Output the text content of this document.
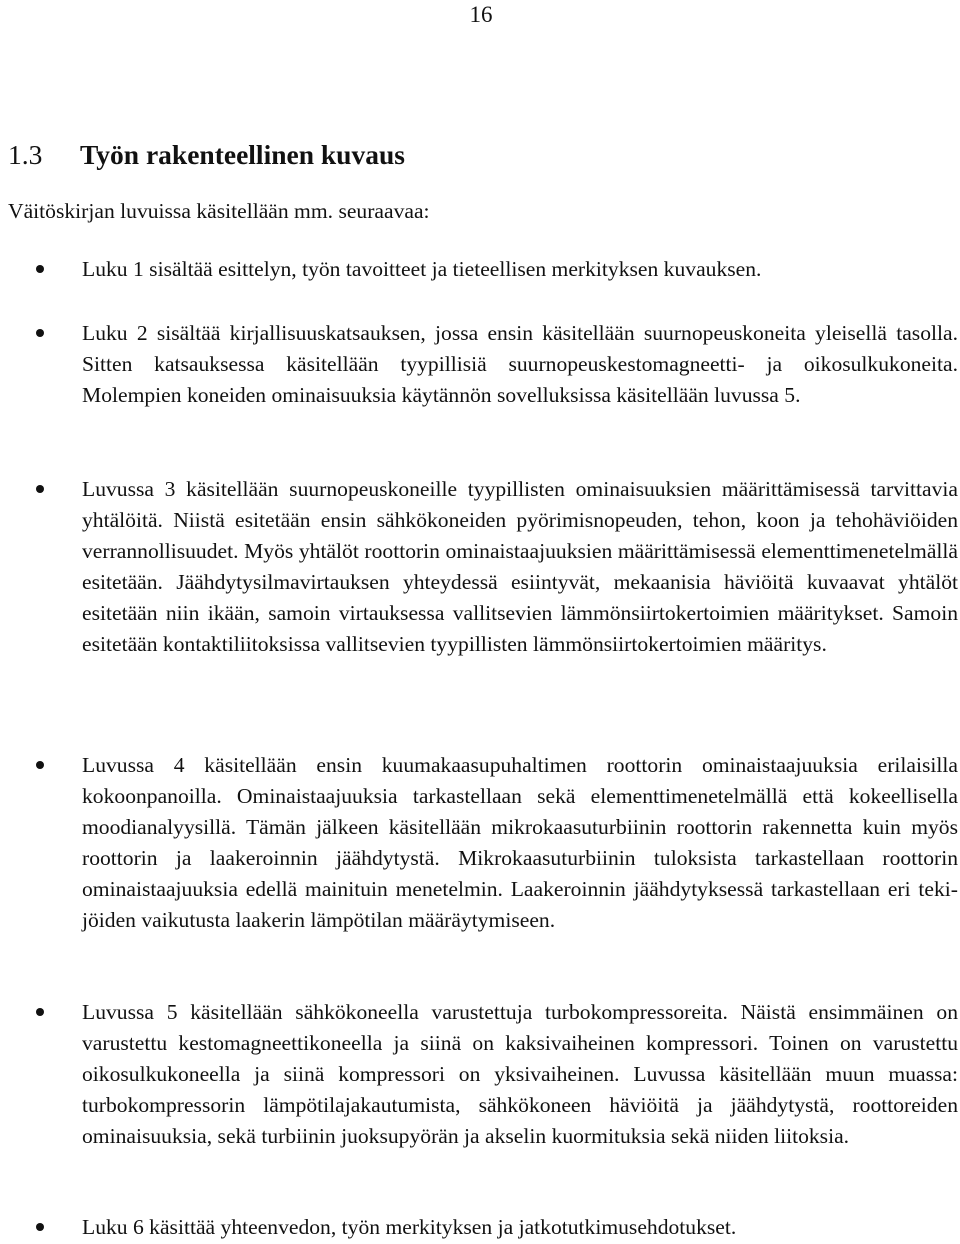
16
1.3 Työn rakenteellinen kuvaus
Väitöskirjan luvuissa käsitellään mm. seuraavaa:
Luku 1 sisältää esittelyn, työn tavoitteet ja tieteellisen merkityksen kuvauksen.
Luku 2 sisältää kirjallisuuskatsauksen, jossa ensin käsitellään suurnopeuskoneita yleisellä tasolla. Sitten katsauksessa käsitellään tyypillisiä suurnopeuskestomagneetti- ja oikosulkukoneita. Molempien koneiden ominaisuuksia käytännön sovelluksissa käsitellään luvussa 5.
Luvussa 3 käsitellään suurnopeuskoneille tyypillisten ominaisuuksien määrittämisessä tarvittavia yhtälöitä. Niistä esitetään ensin sähkökoneiden pyörimisnopeuden, tehon, koon ja tehohäviöiden verrannollisuudet. Myös yhtälöt roottorin ominaistaajuuksien määrittämisessä elementtimenetelmällä esitetään. Jäähdytysilmavirtauksen yhteydessä esiintyvät, mekaanisia häviöitä kuvaavat yhtälöt esitetään niin ikään, samoin virtauksessa vallitsevien lämmönsiirtokertoimien määritykset. Samoin esitetään kontaktiliitoksissa vallitsevien tyypillisten lämmönsiirtokertoimien määritys.
Luvussa 4 käsitellään ensin kuumakaasupuhaltimen roottorin ominaistaajuuksia erilaisilla kokoonpanoilla. Ominaistaajuuksia tarkastellaan sekä elementtimenetelmällä että kokeellisella moodianalyysillä. Tämän jälkeen käsitellään mikrokaasuturbiinin roottorin rakennetta kuin myös roottorin ja laakeroinnin jäähdytystä. Mikrokaasuturbiinin tuloksista tarkastellaan roottorin ominaistaajuuksia edellä mainituin menetelmin. Laakeroinnin jäähdytyksessä tarkastellaan eri tekijöiden vaikutusta laakerin lämpötilan määräytymiseen.
Luvussa 5 käsitellään sähkökoneella varustettuja turbokompressoreita. Näistä ensimmäinen on varustettu kestomagneettikoneella ja siinä on kaksivaiheinen kompressori. Toinen on varustettu oikosulkukoneella ja siinä kompressori on yksivaiheinen. Luvussa käsitellään muun muassa: turbokompressorin lämpötilajakautumista, sähkökoneen häviöitä ja jäähdytystä, roottoreiden ominaisuuksia, sekä turbiinin juoksupyörän ja akselin kuormituksia sekä niiden liitoksia.
Luku 6 käsittää yhteenvedon, työn merkityksen ja jatkotutkimusehdotukset.
